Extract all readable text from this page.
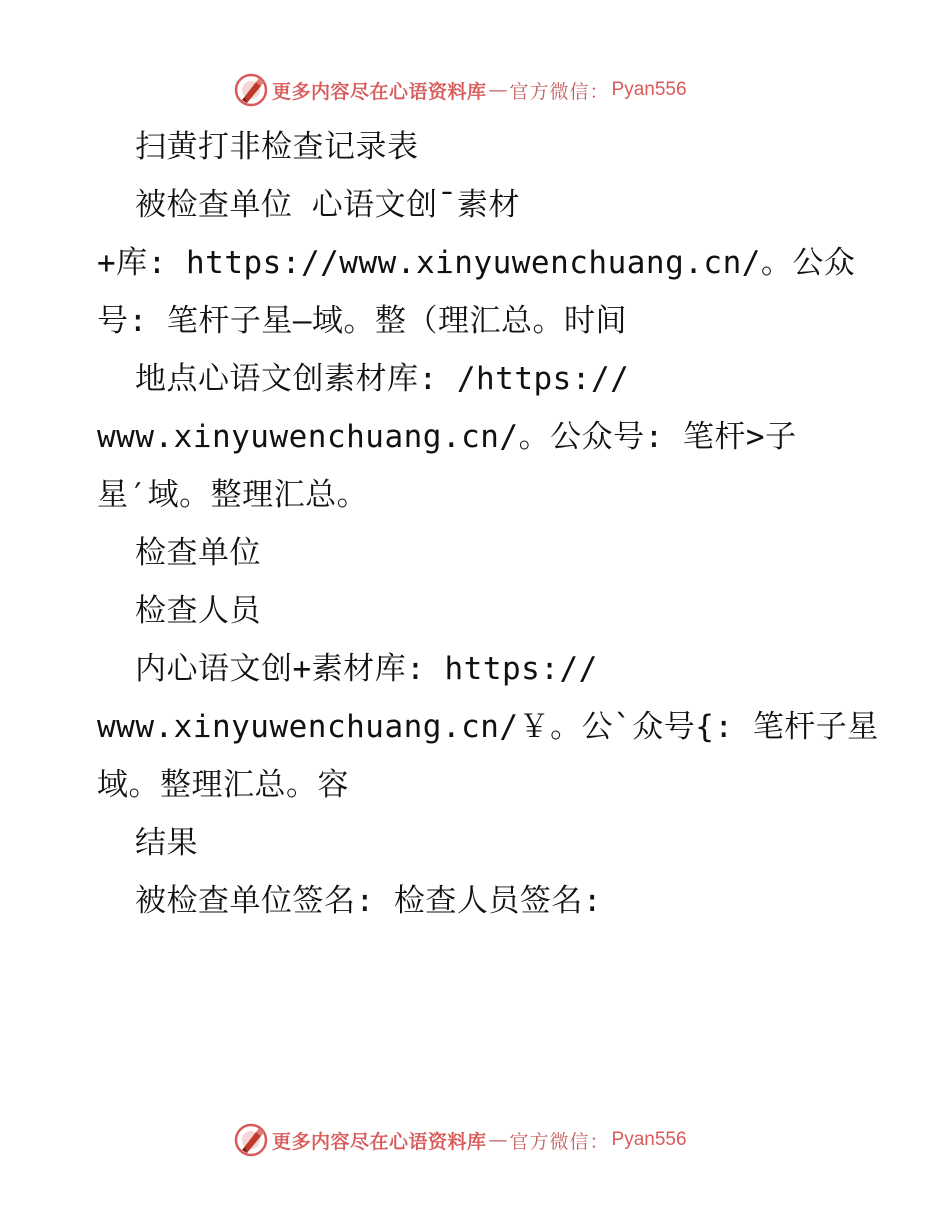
更多内容尽在心语资料库 — 官方微信： Pyan556
扫黄打非检查记录表
被检查单位 心语文创¯素材
+库: https://www.xinyuwenchuang.cn/。公众
号: 笔杆子星—域。整（理汇总。时间
地点心语文创素材库: /https://
www.xinyuwenchuang.cn/。公众号: 笔杆>子
星′域。整理汇总。
检查单位
检查人员
内心语文创+素材库: https://
www.xinyuwenchuang.cn/￥。公`众号{: 笔杆子星
域。整理汇总。容
结果
被检查单位签名: 检查人员签名:
更多内容尽在心语资料库 — 官方微信： Pyan556
